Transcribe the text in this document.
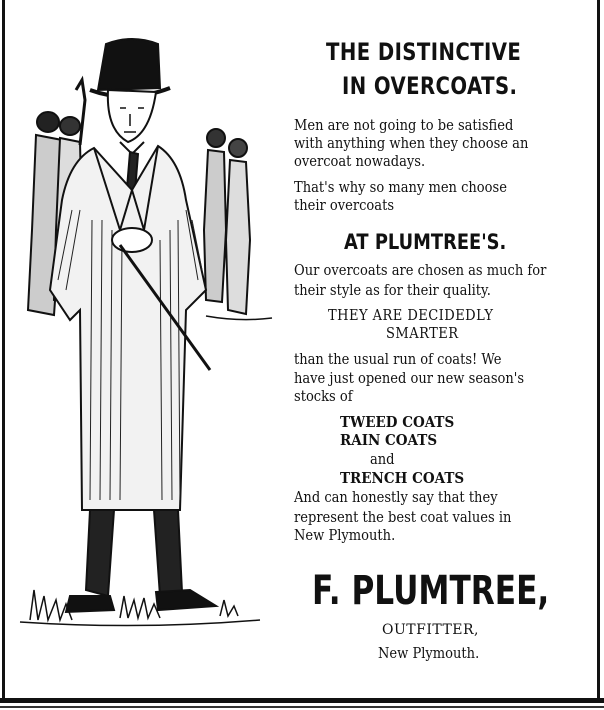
THE DISTINCTIVE
IN OVERCOATS.
Men are not going to be satisfied
with anything when they choose an
overcoat nowadays.
That's why so many men choose
their overcoats
AT PLUMTREE'S.
Our overcoats are chosen as much for
their style as for their quality.
THEY ARE DECIDEDLY
SMARTER
than the usual run of coats! We
have just opened our new season's
stocks of
TWEED COATS
RAIN COATS
and
TRENCH COATS
And can honestly say that they
represent the best coat values in
New Plymouth.
F. PLUMTREE,
OUTFITTER,
New Plymouth.
